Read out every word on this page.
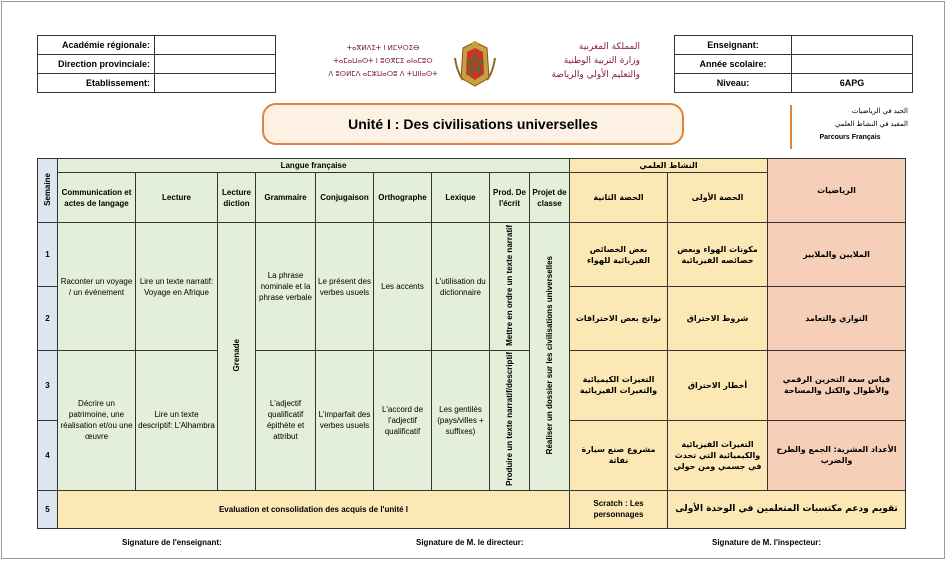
Académie régionale:	
Direction provinciale:	
Etablissement:	
Enseignant:	
Année scolaire:	
Niveau:	6APG
ⵜⴰⴳⵍⴷⵉⵜ ⵏ ⵍⵎⵖⵔⵉⴱ
ⵜⴰⵎⴰⵡⴰⵙⵜ ⵏ ⵓⵙⴳⵎⵉ ⴰⵏⴰⵎⵓⵔ
ⴷ ⵓⵙⵍⵎⴷ ⴰⵎⵣⵡⴰⵔⵓ ⴷ ⵜⵡⵏⵏⴰⵙⵜ
المملكة المغربية
وزارة التربية الوطنية
والتعليم الأولي والرياضة
Unité I : Des civilisations universelles
الجيد في الرياضيات
المفيد في النشاط العلمي
Parcours Français
Semaine	Langue française									النشاط العلمي		الرياضيات
	Communication et actes de langage	Lecture	Lecture diction	Grammaire	Conjugaison	Orthographe	Lexique	Prod. De l'écrit	Projet de classe	الحصة الثانية	الحصة الأولى	
1	Raconter un voyage / un événement	Lire un texte narratif: Voyage en Afrique	Grenade	La phrase nominale et la phrase verbale	Le présent des verbes usuels	Les accents	L'utilisation du dictionnaire	Mettre en ordre un texte narratif	Réaliser un dossier sur les civilisations universelles	بعض الخصائص الفيزيائية للهواء	مكونات الهواء وبعض خصائصه الفيزيائية	الملايين والملايير
2										نواتج بعض الاحتراقات	شروط الاحتراق	التوازي والتعامد
3	Décrire un patrimoine, une réalisation et/ou une œuvre	Lire un texte descriptif: L'Alhambra		L'adjectif qualificatif épithète et attribut	L'imparfait des verbes usuels	L'accord de l'adjectif qualificatif	Les gentilés (pays/villes + suffixes)	Produire un texte narratif/descriptif		التغيرات الكيميائية والتغيرات الفيزيائية	أخطار الاحتراق	قياس سعة التخزين الرقمي والأطوال والكتل والمساحة
4										مشروع صنع سيارة نفاثة	التغيرات الفيزيائية والكيميائية التي تحدث في جسمي ومن حولي	الأعداد العشرية: الجمع والطرح والضرب
5	Evaluation et consolidation des acquis de l'unité I									Scratch : Les personnages	تقويم ودعم مكتسبات المتعلمين في الوحدة الأولى	
Signature de l'enseignant:	Signature de M. le directeur:	Signature de M. l'inspecteur:
